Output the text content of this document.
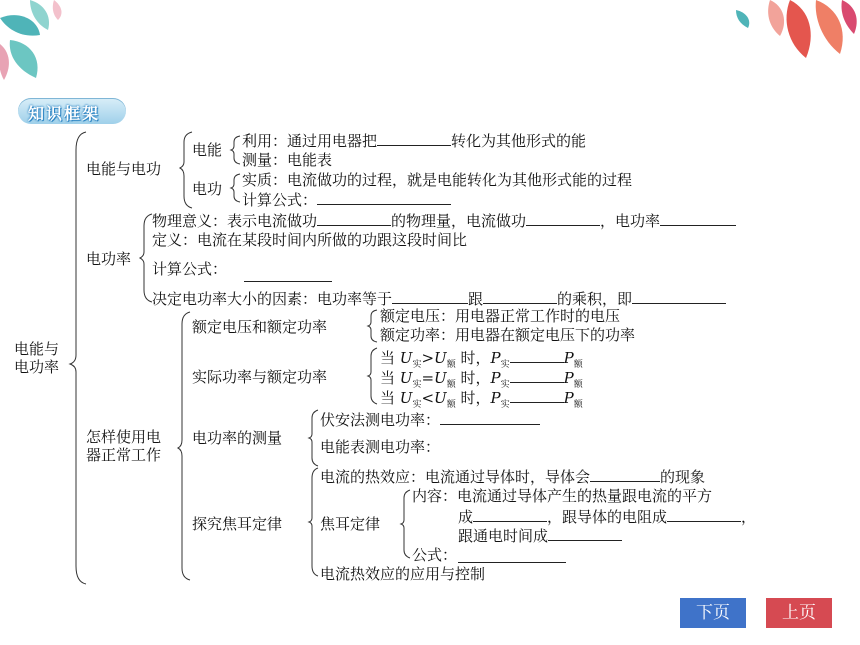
知识框架
电能与
电功率
电能与电功
电能 利用：通过用电器把	转化为其他形式的能
测量：电能表
电功 实质：电流做功的过程，就是电能转化为其他形式能的过程
计算公式：
电功率
物理意义：表示电流做功	的物理量，电流做功	，电功率
定义：电流在某段时间内所做的功跟这段时间比
计算公式：
决定电功率大小的因素：电功率等于	跟	的乘积，即
怎样使用电
器正常工作
额定电压和额定功率
额定电压：用电器正常工作时的电压
额定功率：用电器在额定电压下的功率
实际功率与额定功率
当 $U_实>U_额$ 时，$P_实$	$P_额$
当 $U_实=U_额$ 时，$P_实$	$P_额$
当 $U_实<U_额$ 时，$P_实$	$P_额$
电功率的测量
伏安法测电功率：
电能表测电功率：
探究焦耳定律
电流的热效应：电流通过导体时，导体会	的现象
焦耳定律
内容：电流通过导体产生的热量跟电流的平方
成	，跟导体的电阻成	，
跟通电时间成
公式：
电流热效应的应用与控制
下页	上页
